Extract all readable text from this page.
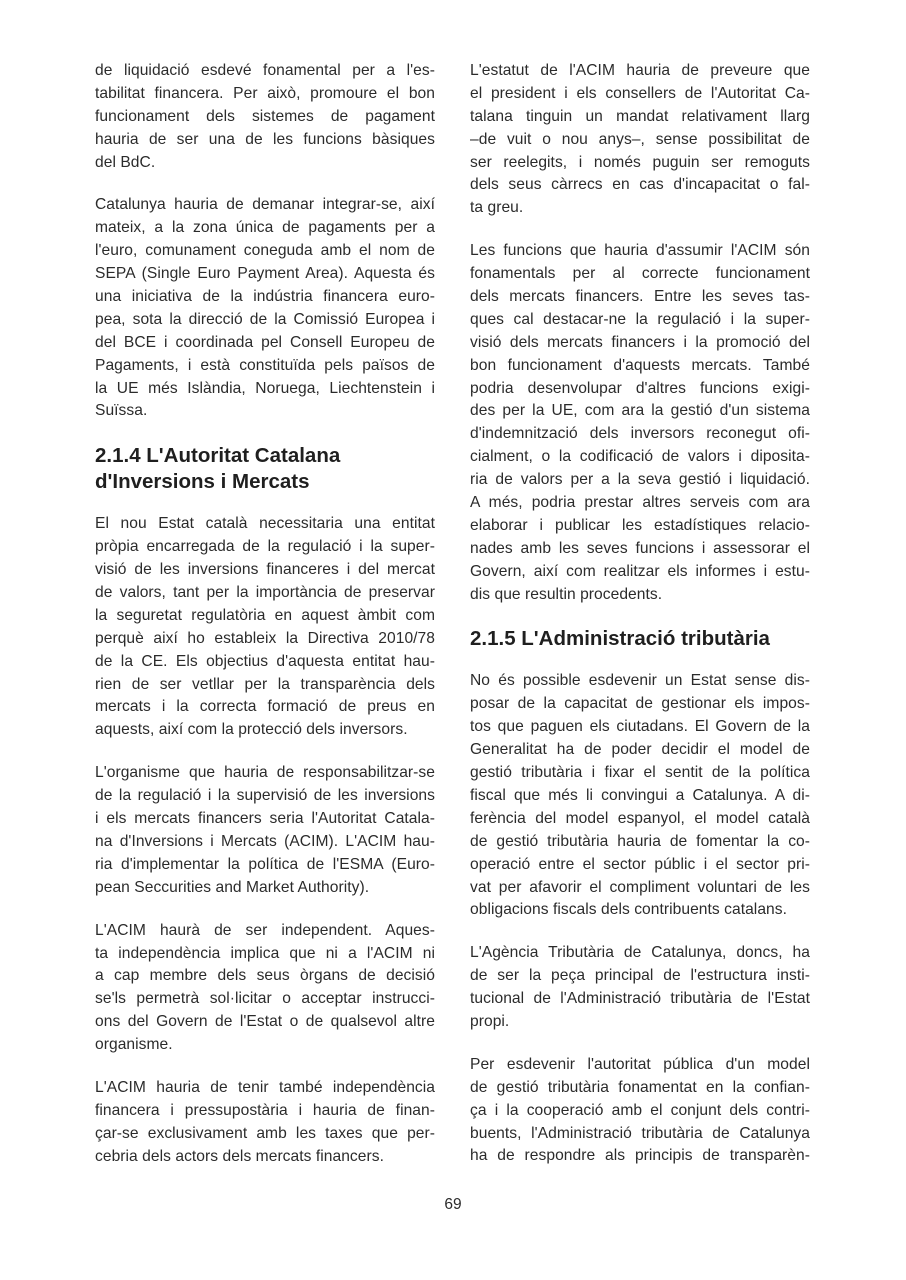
de liquidació esdevé fonamental per a l'es-
tabilitat financera. Per això, promoure el bon
funcionament dels sistemes de pagament
hauria de ser una de les funcions bàsiques
del BdC.
Catalunya hauria de demanar integrar-se, així
mateix, a la zona única de pagaments per a
l'euro, comunament coneguda amb el nom de
SEPA (Single Euro Payment Area). Aquesta és
una iniciativa de la indústria financera euro-
pea, sota la direcció de la Comissió Europea i
del BCE i coordinada pel Consell Europeu de
Pagaments, i està constituïda pels països de
la UE més Islàndia, Noruega, Liechtenstein i
Suïssa.
2.1.4 L'Autoritat Catalana
d'Inversions i Mercats
El nou Estat català necessitaria una entitat
pròpia encarregada de la regulació i la super-
visió de les inversions financeres i del mercat
de valors, tant per la importància de preservar
la seguretat regulatòria en aquest àmbit com
perquè així ho estableix la Directiva 2010/78
de la CE. Els objectius d'aquesta entitat hau-
rien de ser vetllar per la transparència dels
mercats i la correcta formació de preus en
aquests, així com la protecció dels inversors.
L'organisme que hauria de responsabilitzar-se
de la regulació i la supervisió de les inversions
i els mercats financers seria l'Autoritat Catala-
na d'Inversions i Mercats (ACIM). L'ACIM hau-
ria d'implementar la política de l'ESMA (Euro-
pean Seccurities and Market Authority).
L'ACIM haurà de ser independent. Aques-
ta independència implica que ni a l'ACIM ni
a cap membre dels seus òrgans de decisió
se'ls permetrà sol·licitar o acceptar instrucci-
ons del Govern de l'Estat o de qualsevol altre
organisme.
L'ACIM hauria de tenir també independència
financera i pressupostària i hauria de finan-
çar-se exclusivament amb les taxes que per-
cebria dels actors dels mercats financers.
L'estatut de l'ACIM hauria de preveure que
el president i els consellers de l'Autoritat Ca-
talana tinguin un mandat relativament llarg
–de vuit o nou anys–, sense possibilitat de
ser reelegits, i només puguin ser remoguts
dels seus càrrecs en cas d'incapacitat o fal-
ta greu.
Les funcions que hauria d'assumir l'ACIM són
fonamentals per al correcte funcionament
dels mercats financers. Entre les seves tas-
ques cal destacar-ne la regulació i la super-
visió dels mercats financers i la promoció del
bon funcionament d'aquests mercats. També
podria desenvolupar d'altres funcions exigi-
des per la UE, com ara la gestió d'un sistema
d'indemnització dels inversors reconegut ofi-
cialment, o la codificació de valors i diposita-
ria de valors per a la seva gestió i liquidació.
A més, podria prestar altres serveis com ara
elaborar i publicar les estadístiques relacio-
nades amb les seves funcions i assessorar el
Govern, així com realitzar els informes i estu-
dis que resultin procedents.
2.1.5 L'Administració tributària
No és possible esdevenir un Estat sense dis-
posar de la capacitat de gestionar els impos-
tos que paguen els ciutadans. El Govern de la
Generalitat ha de poder decidir el model de
gestió tributària i fixar el sentit de la política
fiscal que més li convingui a Catalunya. A di-
ferència del model espanyol, el model català
de gestió tributària hauria de fomentar la co-
operació entre el sector públic i el sector pri-
vat per afavorir el compliment voluntari de les
obligacions fiscals dels contribuents catalans.
L'Agència Tributària de Catalunya, doncs, ha
de ser la peça principal de l'estructura insti-
tucional de l'Administració tributària de l'Estat
propi.
Per esdevenir l'autoritat pública d'un model
de gestió tributària fonamentat en la confian-
ça i la cooperació amb el conjunt dels contri-
buents, l'Administració tributària de Catalunya
ha de respondre als principis de transparèn-
69
